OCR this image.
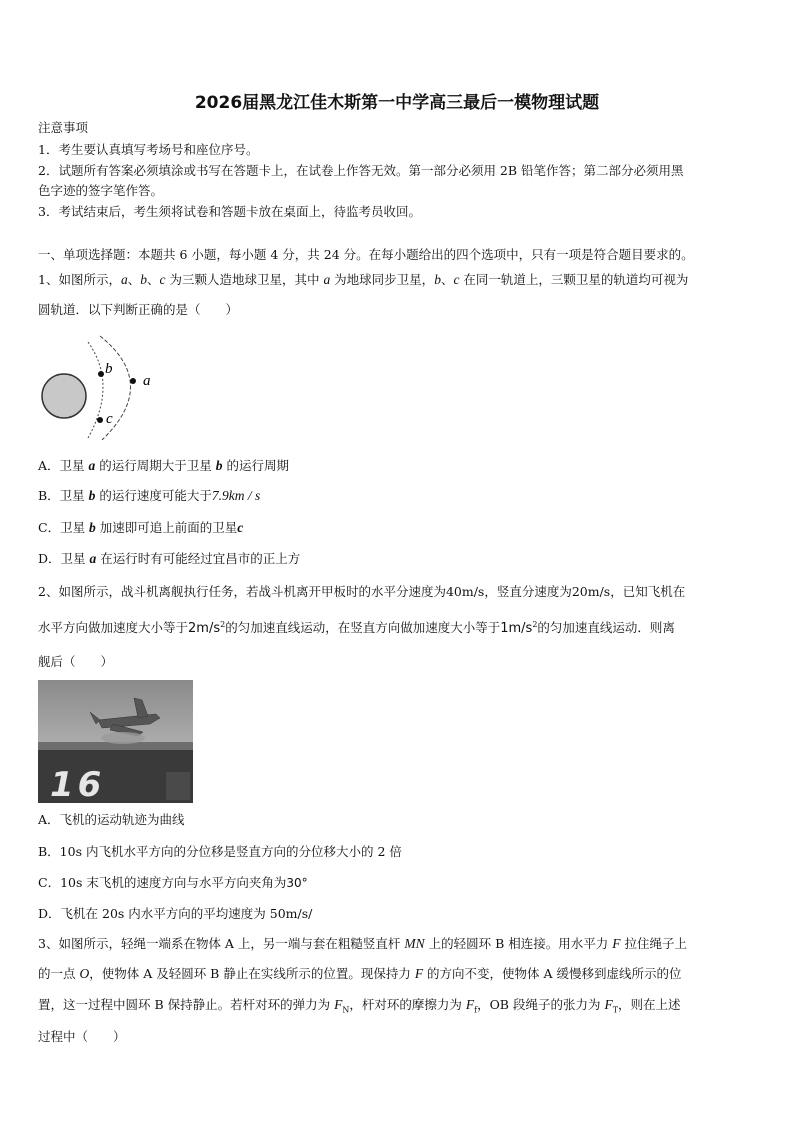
2026届黑龙江佳木斯第一中学高三最后一模物理试题
注意事项
1．考生要认真填写考场号和座位序号。
2．试题所有答案必须填涂或书写在答题卡上，在试卷上作答无效。第一部分必须用 2B 铅笔作答；第二部分必须用黑
色字迹的签字笔作答。
3．考试结束后，考生须将试卷和答题卡放在桌面上，待监考员收回。
一、单项选择题：本题共 6 小题，每小题 4 分，共 24 分。在每小题给出的四个选项中，只有一项是符合题目要求的。
1、如图所示，a、b、c 为三颗人造地球卫星，其中 a 为地球同步卫星，b、c 在同一轨道上，三颗卫星的轨道均可视为
圆轨道．以下判断正确的是（　　）
b
a
c
A．卫星 a 的运行周期大于卫星 b 的运行周期
B．卫星 b 的运行速度可能大于7.9km / s
C．卫星 b 加速即可追上前面的卫星c
D．卫星 a 在运行时有可能经过宜昌市的正上方
2、如图所示，战斗机离舰执行任务，若战斗机离开甲板时的水平分速度为40m/s，竖直分速度为20m/s，已知飞机在
水平方向做加速度大小等于$2m/s^2$的匀加速直线运动，在竖直方向做加速度大小等于$1m/s^2$的匀加速直线运动．则离
舰后（　　）
16
A．飞机的运动轨迹为曲线
B．10s 内飞机水平方向的分位移是竖直方向的分位移大小的 2 倍
C．10s 末飞机的速度方向与水平方向夹角为30°
D．飞机在 20s 内水平方向的平均速度为 50m/s/
3、如图所示，轻绳一端系在物体 A 上，另一端与套在粗糙竖直杆 MN 上的轻圆环 B 相连接。用水平力 F 拉住绳子上
的一点 O，使物体 A 及轻圆环 B 静止在实线所示的位置。现保持力 F 的方向不变，使物体 A 缓慢移到虚线所示的位
置，这一过程中圆环 B 保持静止。若杆对环的弹力为 $F_N$，杆对环的摩擦力为 $F_f$，OB 段绳子的张力为 $F_T$，则在上述
过程中（　　）
